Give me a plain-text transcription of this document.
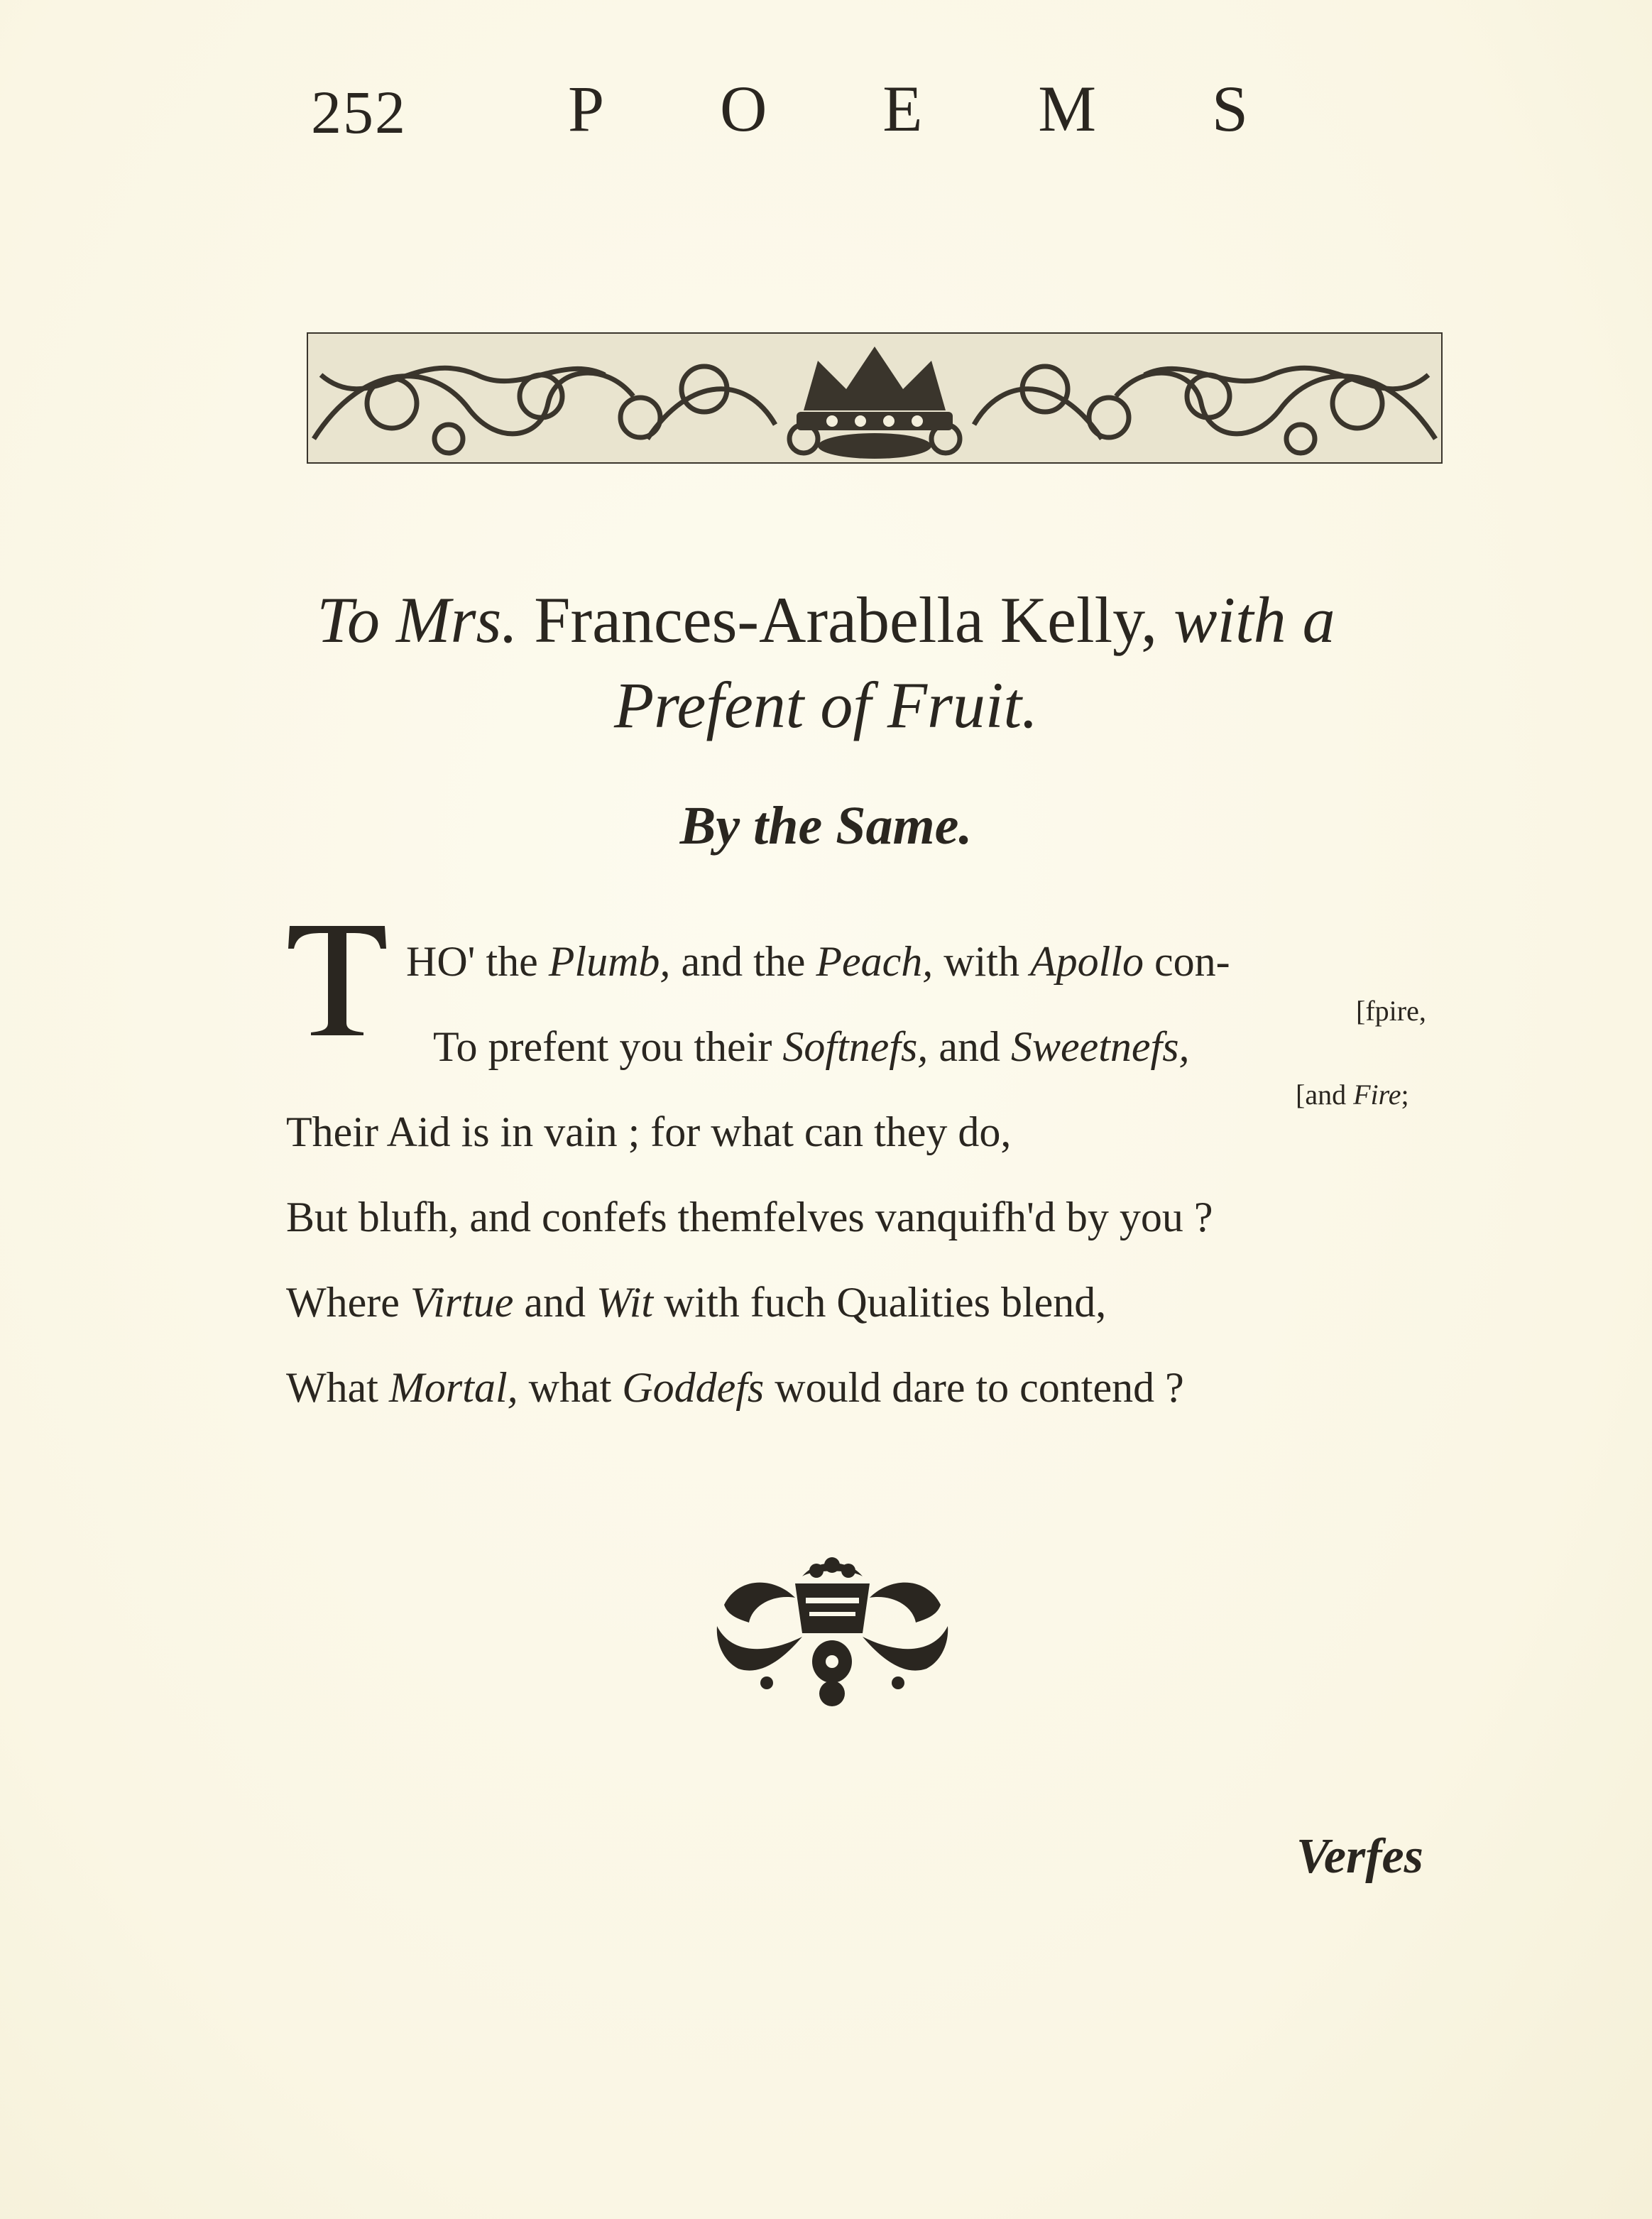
252 P O E M S
To Mrs. Frances-Arabella Kelly, with a
Prefent of Fruit.
By the Same.
HO' the Plumb, and the Peach, with Apollo con-
[fpire,
To prefent you their Softnefs, and Sweetnefs,
[and Fire;
Their Aid is in vain ; for what can they do,
But blufh, and confefs themfelves vanquifh'd by you ?
Where Virtue and Wit with fuch Qualities blend,
What Mortal, what Goddefs would dare to contend ?
Verfes
